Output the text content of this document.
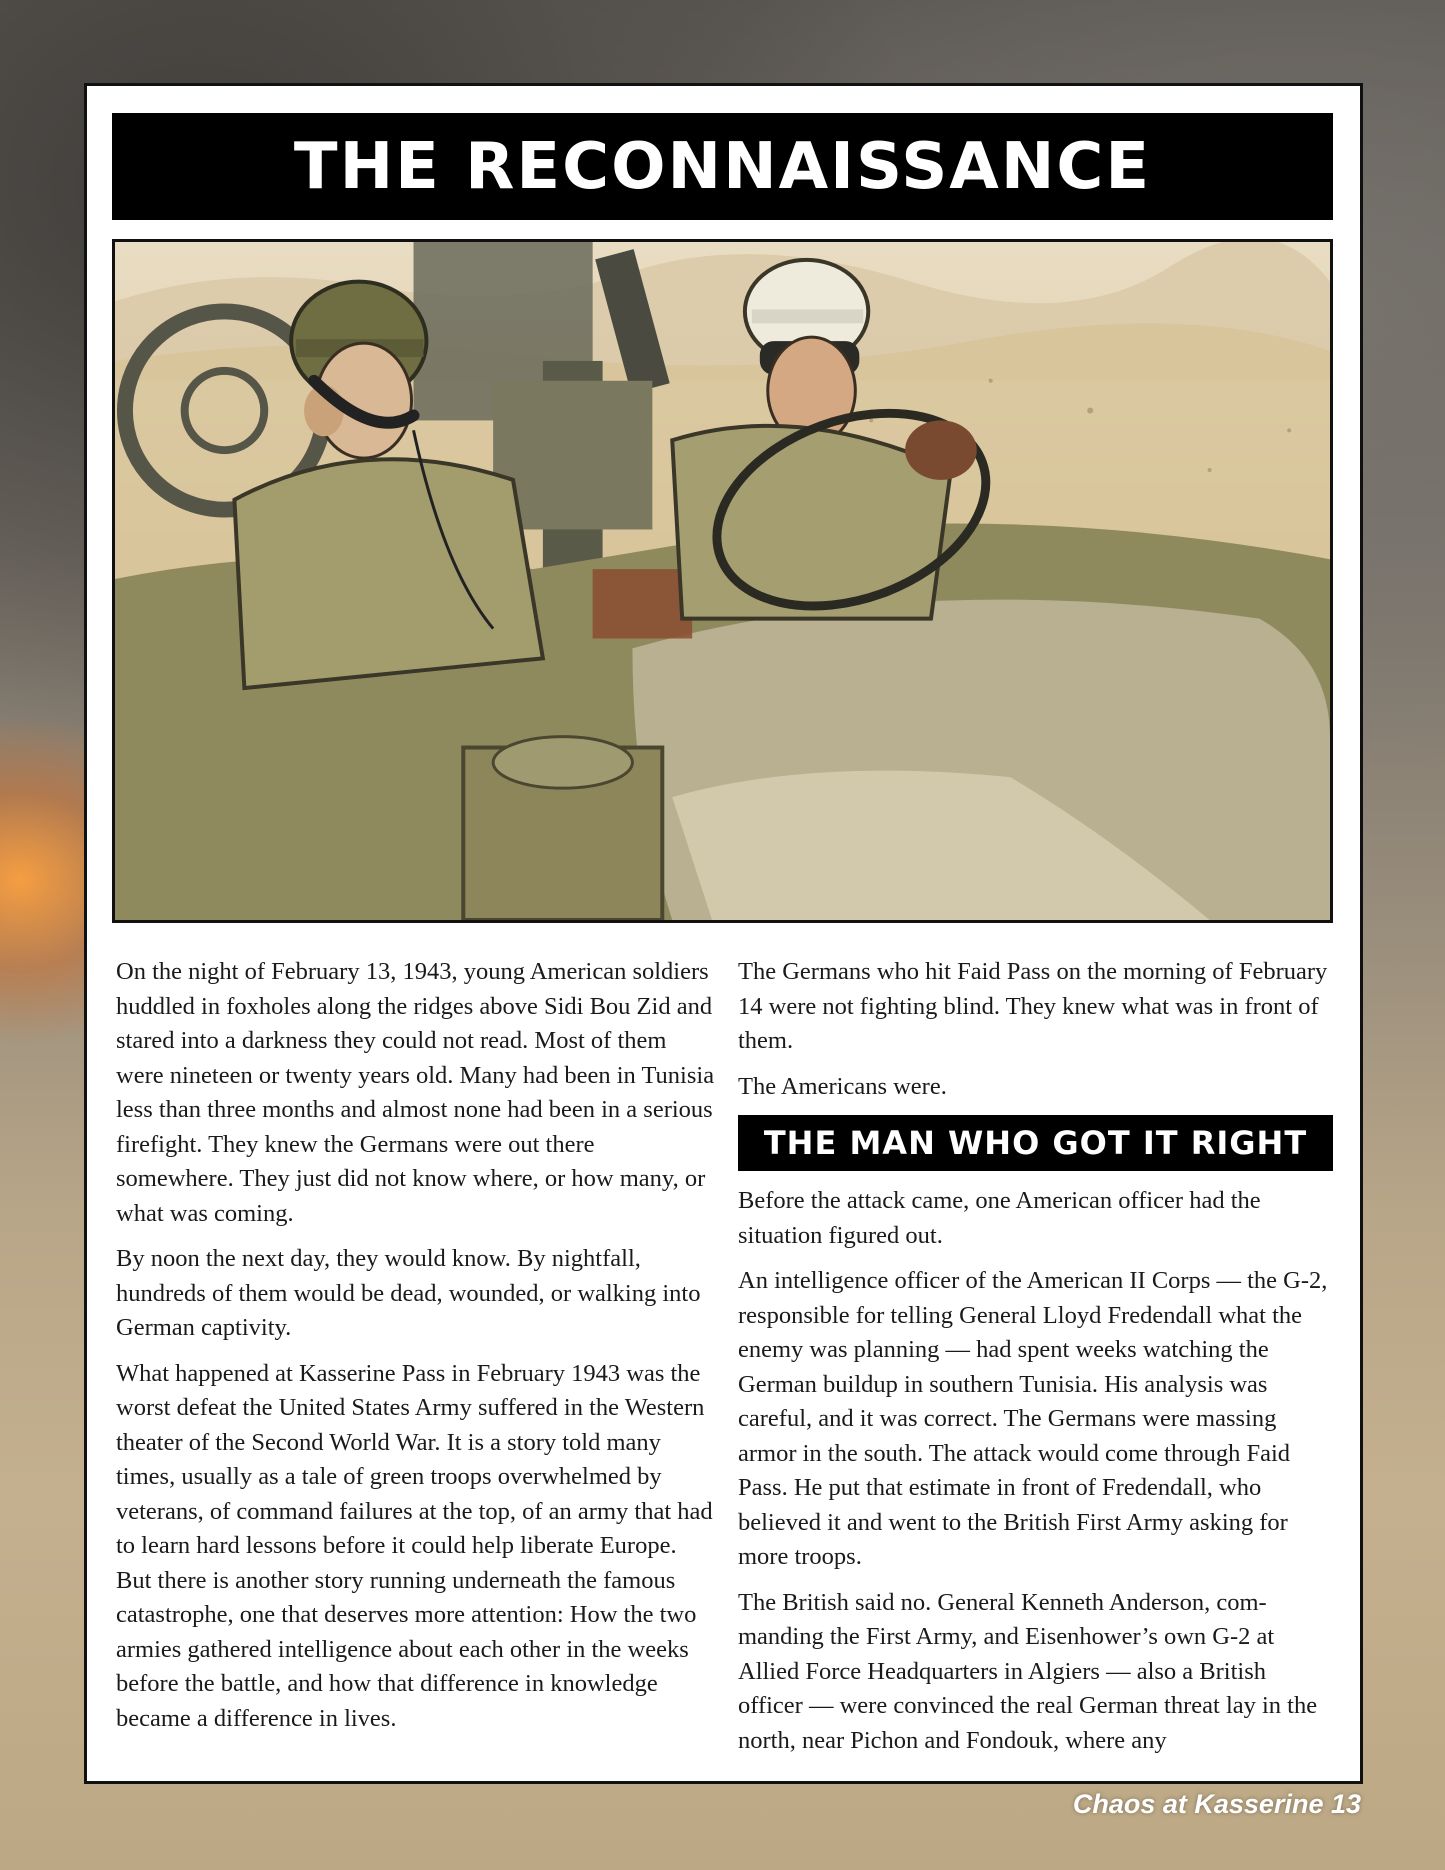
THE RECONNAISSANCE

On the night of February 13, 1943, young American soldiers huddled in foxholes along the ridges above Sidi Bou Zid and stared into a darkness they could not read. Most of them were nineteen or twenty years old. Many had been in Tunisia less than three months and almost none had been in a serious firefight. They knew the Germans were out there somewhere. They just did not know where, or how many, or what was coming.

By noon the next day, they would know. By nightfall, hundreds of them would be dead, wounded, or walking into German captivity.

What happened at Kasserine Pass in February 1943 was the worst defeat the United States Army suffered in the Western theater of the Second World War. It is a story told many times, usually as a tale of green troops overwhelmed by veterans, of command failures at the top, of an army that had to learn hard lessons before it could help liberate Europe. But there is another story running underneath the famous catastrophe, one that deserves more attention: How the two armies gathered intelligence about each other in the weeks before the battle, and how that difference in knowledge became a difference in lives.

The Germans who hit Faid Pass on the morning of February 14 were not fighting blind. They knew what was in front of them.

The Americans were.

THE MAN WHO GOT IT RIGHT

Before the attack came, one American officer had the situation figured out.

An intelligence officer of the American II Corps — the G-2, responsible for telling General Lloyd Fredendall what the enemy was planning — had spent weeks watching the German buildup in southern Tunisia. His analysis was careful, and it was correct. The Germans were massing armor in the south. The attack would come through Faid Pass. He put that estimate in front of Fredendall, who believed it and went to the British First Army asking for more troops.

The British said no. General Kenneth Anderson, commanding the First Army, and Eisenhower’s own G-2 at Allied Force Headquarters in Algiers — also a British officer — were convinced the real German threat lay in the north, near Pichon and Fondouk, where any

Chaos at Kasserine 13
